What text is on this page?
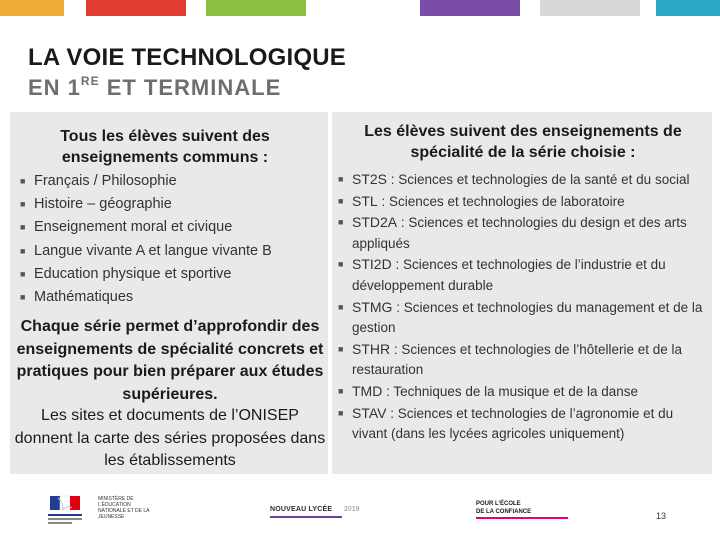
LA VOIE TECHNOLOGIQUE
EN 1RE ET TERMINALE
Tous les élèves suivent des enseignements communs :
■ Français / Philosophie
■ Histoire – géographie
■ Enseignement moral et civique
■ Langue vivante A et langue vivante B
■ Education physique et sportive
■ Mathématiques
Chaque série permet d’approfondir des enseignements de spécialité concrets et pratiques pour bien préparer aux études supérieures.
Les sites et documents de l’ONISEP donnent la carte des séries proposées dans les établissements
Les élèves suivent des enseignements de spécialité de la série choisie :
■ ST2S : Sciences et technologies de la santé et du social
■ STL : Sciences et technologies de laboratoire
■ STD2A : Sciences et technologies du design et des arts appliqués
■ STI2D : Sciences et technologies de l’industrie et du développement durable
■ STMG : Sciences et technologies du management et de la gestion
■ STHR : Sciences et technologies de l’hôtellerie et de la restauration
■ TMD : Techniques de la musique et de la danse
■ STAV : Sciences et technologies de l’agronomie et du vivant (dans les lycées agricoles uniquement)
MINISTÈRE DE L’ÉDUCATION NATIONALE ET DE LA JEUNESSE
NOUVEAU LYCÉE 2019
POUR L’ÉCOLE
DE LA CONFIANCE	13
